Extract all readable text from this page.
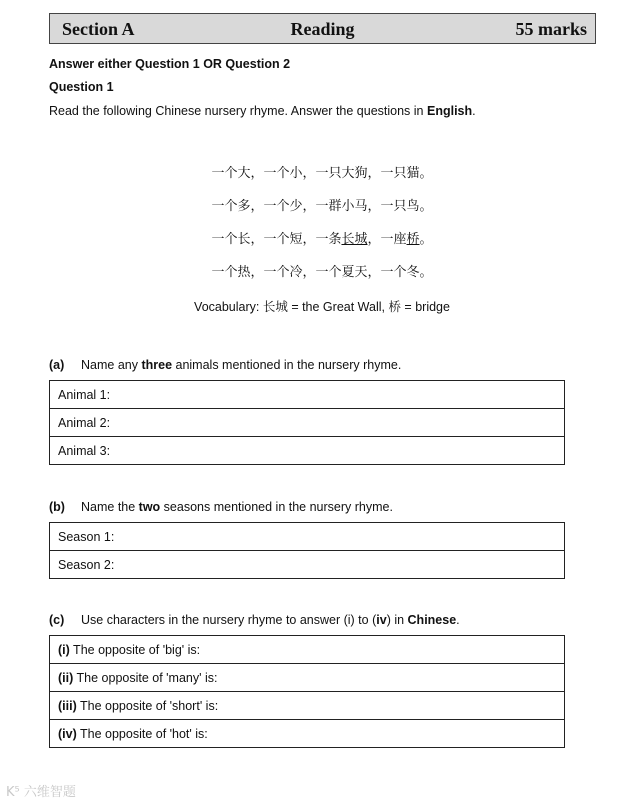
Section A	Reading	55 marks
Answer either Question 1 OR Question 2
Question 1
Read the following Chinese nursery rhyme. Answer the questions in English.
一个大，一个小，一只大狗，一只猫。
一个多，一个少，一群小马，一只鸟。
一个长，一个短，一条长城，一座桥。
一个热，一个冷，一个夏天，一个冬。
Vocabulary: 长城 = the Great Wall, 桥 = bridge
(a) Name any three animals mentioned in the nursery rhyme.
Animal 1:
Animal 2:
Animal 3:
(b) Name the two seasons mentioned in the nursery rhyme.
Season 1:
Season 2:
(c) Use characters in the nursery rhyme to answer (i) to (iv) in Chinese.
(i) The opposite of 'big' is:
(ii) The opposite of 'many' is:
(iii) The opposite of 'short' is:
(iv) The opposite of 'hot' is:
K⁵ 六维智题
